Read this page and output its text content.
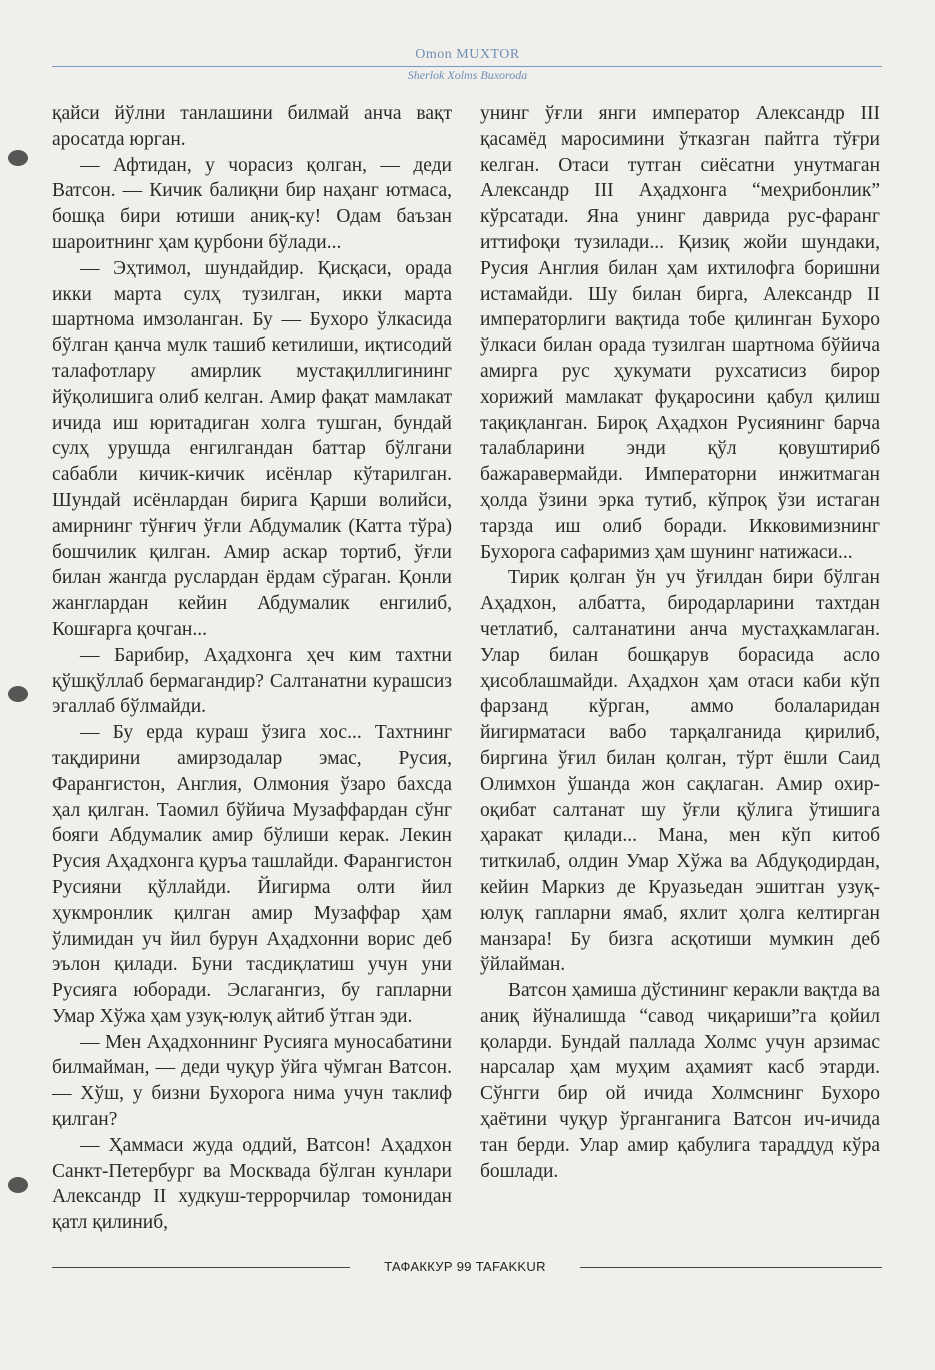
Omon MUXTOR
Sherlok Xolms Buxoroda

қайси йўлни танлашини билмай анча вақт аросатда юрган.

— Афтидан, у чорасиз қолган, — деди Ватсон. — Кичик балиқни бир наҳанг ютмаса, бошқа бири ютиши аниқ-ку! Одам баъзан шароитнинг ҳам қурбони бўлади...

— Эҳтимол, шундайдир. Қисқаси, орада икки марта сулҳ тузилган, икки марта шартнома имзоланган. Бу — Бухоро ўлкасида бўлган қанча мулк ташиб кетилиши, иқтисодий талафотлару амирлик мустақиллигининг йўқолишига олиб келган. Амир фақат мамлакат ичида иш юритадиган холга тушган, бундай сулҳ урушда енгилгандан баттар бўлгани сабабли кичик-кичик исёнлар кўтарилган. Шундай исёнлардан бирига Қарши волийси, амирнинг тўнғич ўғли Абдумалик (Катта тўра) бошчилик қилган. Амир аскар тортиб, ўғли билан жангда руслардан ёрдам сўраган. Қонли жанглардан кейин Абдумалик енгилиб, Кошғарга қочган...

— Барибир, Аҳадхонга ҳеч ким тахтни қўшқўллаб бермагандир? Салтанатни курашсиз эгаллаб бўлмайди.

— Бу ерда кураш ўзига хос... Тахтнинг тақдирини амирзодалар эмас, Русия, Фарангистон, Англия, Олмония ўзаро бахсда ҳал қилган. Таомил бўйича Музаффардан сўнг бояги Абдумалик амир бўлиши керак. Лекин Русия Аҳадхонга қуръа ташлайди. Фарангистон Русияни қўллайди. Йигирма олти йил ҳукмронлик қилган амир Музаффар ҳам ўлимидан уч йил бурун Аҳадхонни ворис деб эълон қилади. Буни тасдиқлатиш учун уни Русияга юборади. Эслагангиз, бу гапларни Умар Хўжа ҳам узуқ-юлуқ айтиб ўтган эди.

— Мен Аҳадхоннинг Русияга муносабатини билмайман, — деди чуқур ўйга чўмган Ватсон. — Хўш, у бизни Бухорога нима учун таклиф қилган?

— Ҳаммаси жуда оддий, Ватсон! Аҳадхон Санкт-Петербург ва Москвада бўлган кунлари Александр II худкуш-террорчилар томонидан қатл қилиниб,

унинг ўғли янги император Александр III қасамёд маросимини ўтказган пайтга тўғри келган. Отаси тутган сиёсатни унутмаган Александр III Аҳадхонга “меҳрибонлик” кўрсатади. Яна унинг даврида рус-фаранг иттифоқи тузилади... Қизиқ жойи шундаки, Русия Англия билан ҳам ихтилофга боришни истамайди. Шу билан бирга, Александр II императорлиги вақтида тобе қилинган Бухоро ўлкаси билан орада тузилган шартнома бўйича амирга рус ҳукумати рухсатисиз бирор хорижий мамлакат фуқаросини қабул қилиш тақиқланган. Бироқ Аҳадхон Русиянинг барча талабларини энди қўл қовуштириб бажаравермайди. Императорни инжитмаган ҳолда ўзини эрка тутиб, кўпроқ ўзи истаган тарзда иш олиб боради. Икковимизнинг Бухорога сафаримиз ҳам шунинг натижаси...

Тирик қолган ўн уч ўғилдан бири бўлган Аҳадхон, албатта, биродарларини тахтдан четлатиб, салтанатини анча мустаҳкамлаган. Улар билан бошқарув борасида асло ҳисоблашмайди. Аҳадхон ҳам отаси каби кўп фарзанд кўрган, аммо болаларидан йигирматаси вабо тарқалганида қирилиб, биргина ўғил билан қолган, тўрт ёшли Саид Олимхон ўшанда жон сақлаган. Амир охир-оқибат салтанат шу ўғли қўлига ўтишига ҳаракат қилади... Мана, мен кўп китоб титкилаб, олдин Умар Хўжа ва Абдуқодирдан, кейин Маркиз де Круазьедан эшитган узуқ-юлуқ гапларни ямаб, яхлит ҳолга келтирган манзара! Бу бизга асқотиши мумкин деб ўйлайман.

Ватсон ҳамиша дўстининг керакли вақтда ва аниқ йўналишда “савод чиқариши”га қойил қоларди. Бундай паллада Холмс учун арзимас нарсалар ҳам муҳим аҳамият касб этарди. Сўнгги бир ой ичида Холмснинг Бухоро ҳаётини чуқур ўрганганига Ватсон ич-ичида тан берди. Улар амир қабулига тараддуд кўра бошлади.

ТАФАККУР 99 TAFAKKUR
